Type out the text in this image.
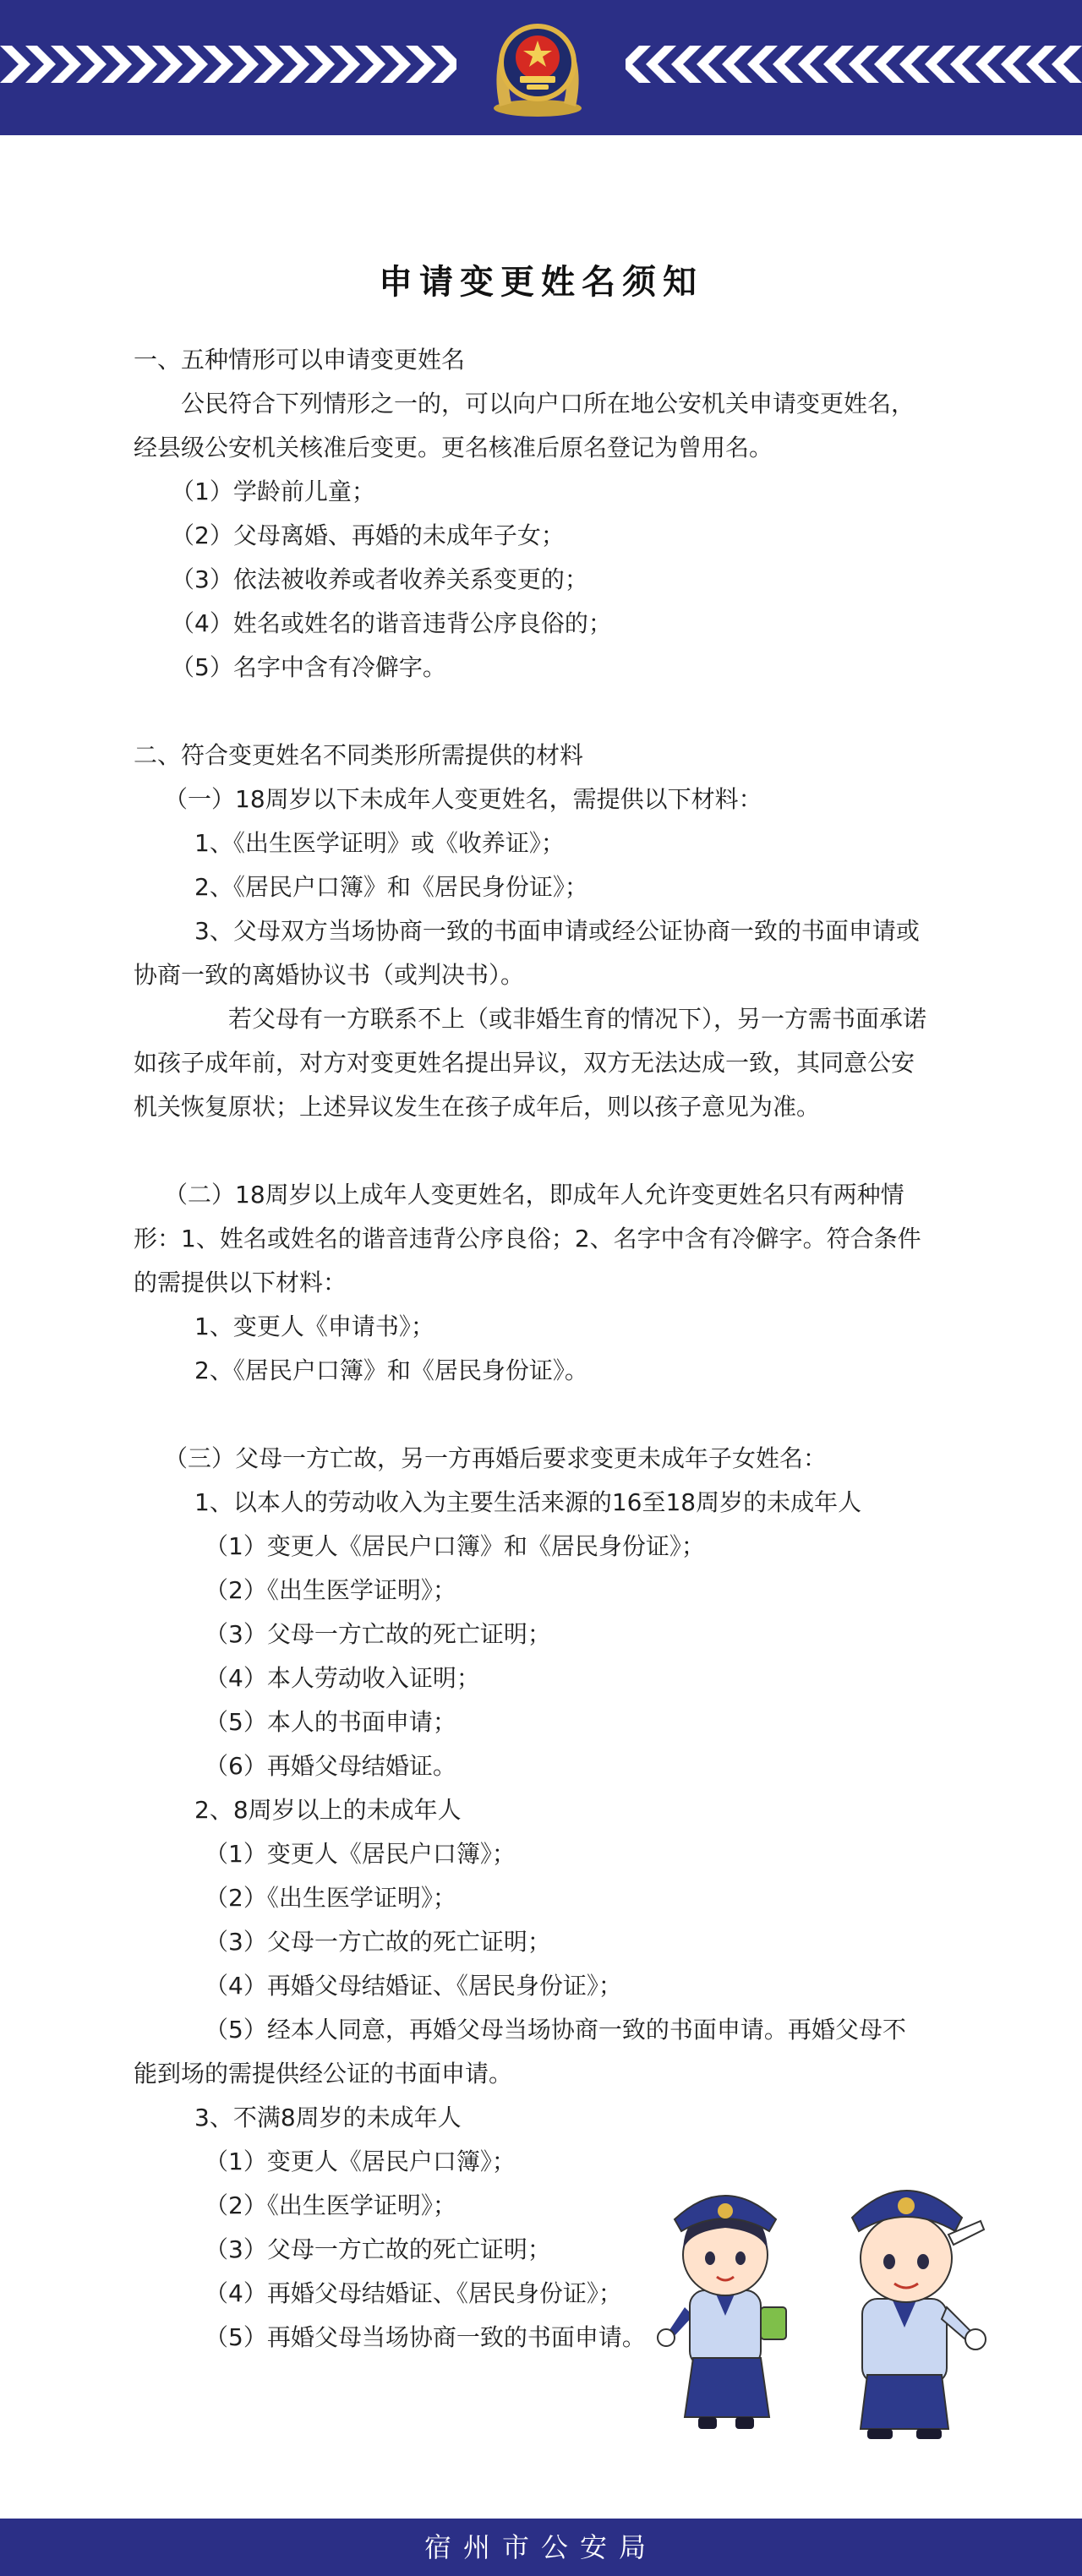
申请变更姓名须知

一、五种情形可以申请变更姓名

公民符合下列情形之一的，可以向户口所在地公安机关申请变更姓名，经县级公安机关核准后变更。更名核准后原名登记为曾用名。

（1）学龄前儿童；

（2）父母离婚、再婚的未成年子女；

（3）依法被收养或者收养关系变更的；

（4）姓名或姓名的谐音违背公序良俗的；

（5）名字中含有冷僻字。

二、符合变更姓名不同类形所需提供的材料

（一）18周岁以下未成年人变更姓名，需提供以下材料：

1、《出生医学证明》或《收养证》；

2、《居民户口簿》和《居民身份证》；

3、父母双方当场协商一致的书面申请或经公证协商一致的书面申请或协商一致的离婚协议书（或判决书）。

若父母有一方联系不上（或非婚生育的情况下），另一方需书面承诺如孩子成年前，对方对变更姓名提出异议，双方无法达成一致，其同意公安机关恢复原状；上述异议发生在孩子成年后，则以孩子意见为准。

（二）18周岁以上成年人变更姓名，即成年人允许变更姓名只有两种情形：1、姓名或姓名的谐音违背公序良俗；2、名字中含有冷僻字。符合条件的需提供以下材料：

1、变更人《申请书》；

2、《居民户口簿》和《居民身份证》。

（三）父母一方亡故，另一方再婚后要求变更未成年子女姓名：

1、以本人的劳动收入为主要生活来源的16至18周岁的未成年人

（1）变更人《居民户口簿》和《居民身份证》；

（2）《出生医学证明》；

（3）父母一方亡故的死亡证明；

（4）本人劳动收入证明；

（5）本人的书面申请；

（6）再婚父母结婚证。

2、8周岁以上的未成年人

（1）变更人《居民户口簿》；

（2）《出生医学证明》；

（3）父母一方亡故的死亡证明；

（4）再婚父母结婚证、《居民身份证》；

（5）经本人同意，再婚父母当场协商一致的书面申请。再婚父母不能到场的需提供经公证的书面申请。

3、不满8周岁的未成年人

（1）变更人《居民户口簿》；

（2）《出生医学证明》；

（3）父母一方亡故的死亡证明；

（4）再婚父母结婚证、《居民身份证》；

（5）再婚父母当场协商一致的书面申请。

宿州市公安局
